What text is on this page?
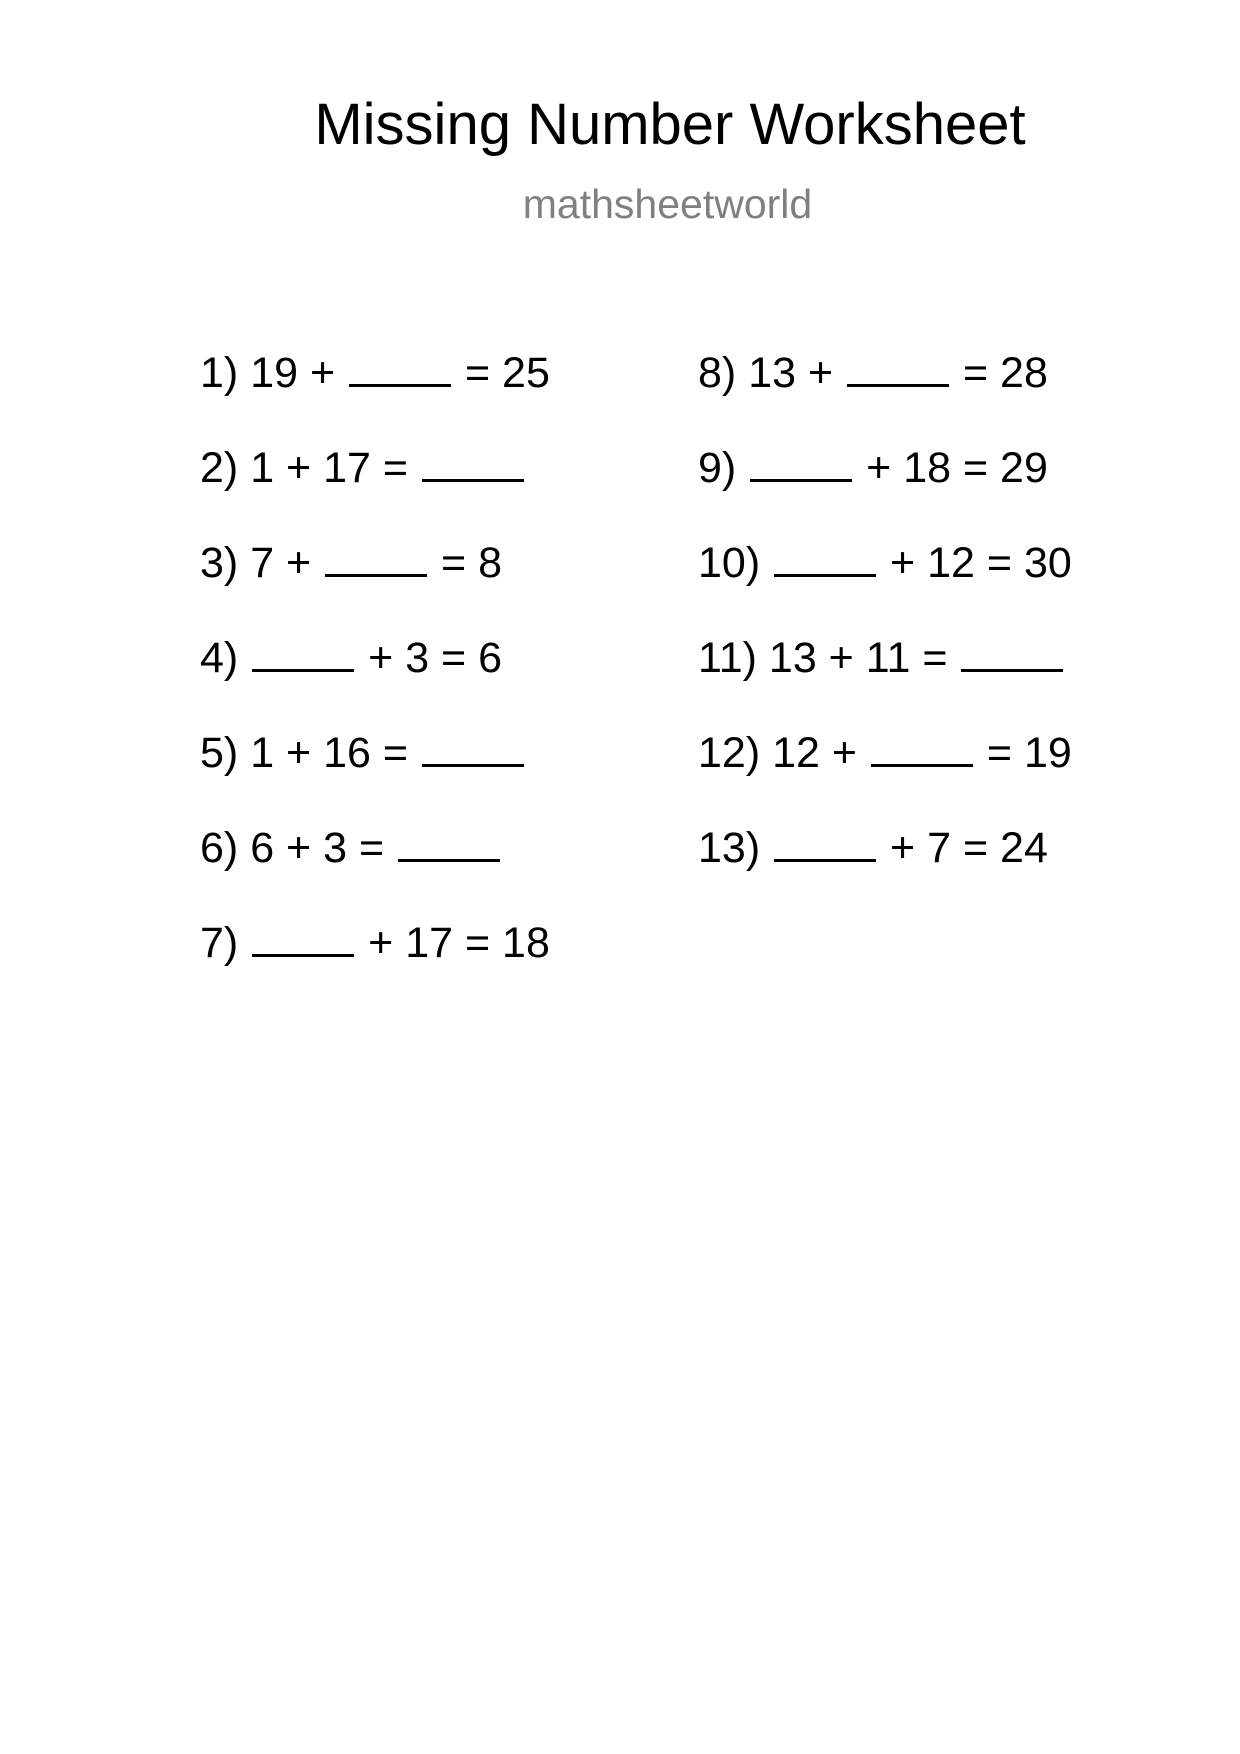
Missing Number Worksheet
mathsheetworld
1) 19 +  = 25
2) 1 + 17 =
3) 7 +  = 8
4)  + 3 = 6
5) 1 + 16 =
6) 6 + 3 =
7)  + 17 = 18
8) 13 +  = 28
9)  + 18 = 29
10)  + 12 = 30
11) 13 + 11 =
12) 12 +  = 19
13)  + 7 = 24
